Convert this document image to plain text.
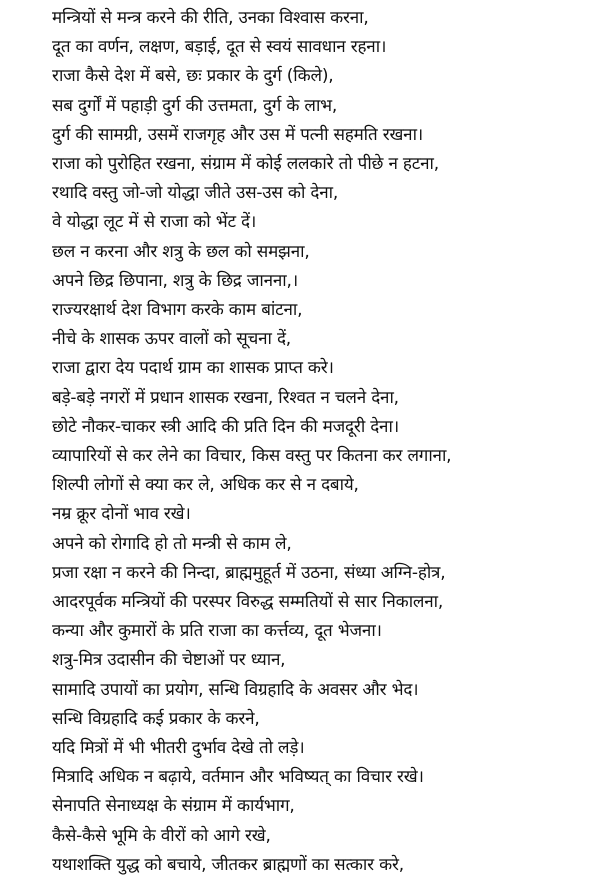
मन्त्रियों से मन्त्र करने की रीति, उनका विश्वास करना,
दूत का वर्णन, लक्षण, बड़ाई, दूत से स्वयं सावधान रहना।
राजा कैसे देश में बसे, छः प्रकार के दुर्ग (किले),
सब दुर्गों में पहाड़ी दुर्ग की उत्तमता, दुर्ग के लाभ,
दुर्ग की सामग्री, उसमें राजगृह और उस में पत्नी सहमति रखना।
राजा को पुरोहित रखना, संग्राम में कोई ललकारे तो पीछे न हटना,
रथादि वस्तु जो-जो योद्धा जीते उस-उस को देना,
वे योद्धा लूट में से राजा को भेंट दें।
छल न करना और शत्रु के छल को समझना,
अपने छिद्र छिपाना, शत्रु के छिद्र जानना,।
राज्यरक्षार्थ देश विभाग करके काम बांटना,
नीचे के शासक ऊपर वालों को सूचना दें,
राजा द्वारा देय पदार्थ ग्राम का शासक प्राप्त करे।
बड़े-बड़े नगरों में प्रधान शासक रखना, रिश्वत न चलने देना,
छोटे नौकर-चाकर स्त्री आदि की प्रति दिन की मजदूरी देना।
व्यापारियों से कर लेने का विचार, किस वस्तु पर कितना कर लगाना,
शिल्पी लोगों से क्या कर ले, अधिक कर से न दबाये,
नम्र क्रूर दोनों भाव रखे।
अपने को रोगादि हो तो मन्त्री से काम ले,
प्रजा रक्षा न करने की निन्दा, ब्राह्ममुहूर्त में उठना, संध्या अग्नि-होत्र,
आदरपूर्वक मन्त्रियों की परस्पर विरुद्ध सम्मतियों से सार निकालना,
कन्या और कुमारों के प्रति राजा का कर्त्तव्य, दूत भेजना।
शत्रु-मित्र उदासीन की चेष्टाओं पर ध्यान,
सामादि उपायों का प्रयोग, सन्धि विग्रहादि के अवसर और भेद।
सन्धि विग्रहादि कई प्रकार के करने,
यदि मित्रों में भी भीतरी दुर्भाव देखे तो लड़े।
मित्रादि अधिक न बढ़ाये, वर्तमान और भविष्यत् का विचार रखे।
सेनापति सेनाध्यक्ष के संग्राम में कार्यभाग,
कैसे-कैसे भूमि के वीरों को आगे रखे,
यथाशक्ति युद्ध को बचाये, जीतकर ब्राह्मणों का सत्कार करे,
